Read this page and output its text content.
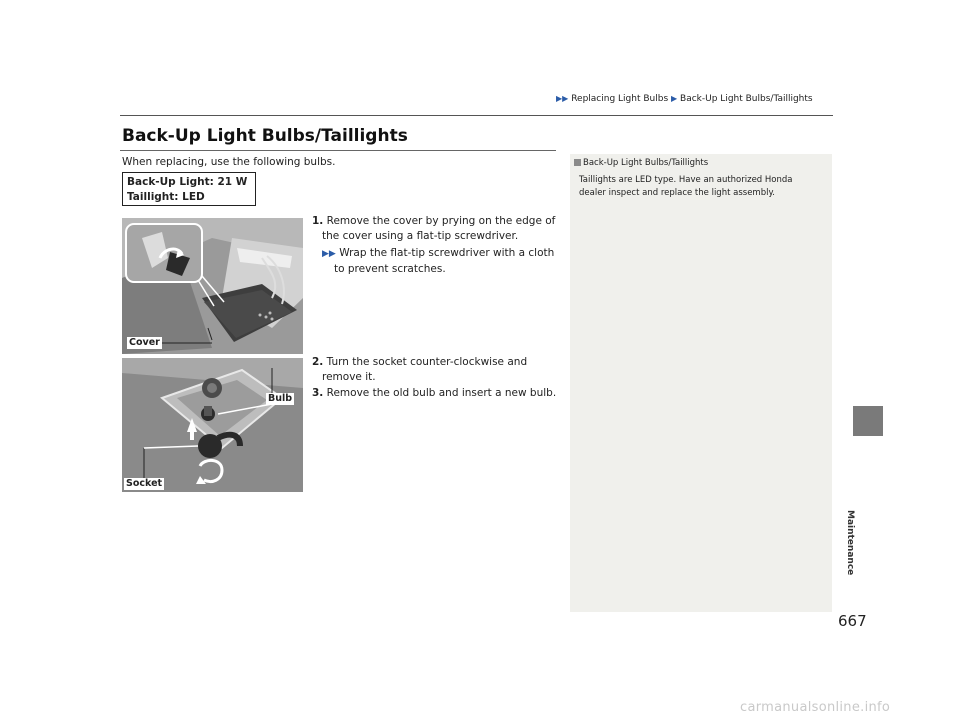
▶▶ Replacing Light Bulbs ▶ Back-Up Light Bulbs/Taillights
Back-Up Light Bulbs/Taillights
When replacing, use the following bulbs.
Back-Up Light: 21 W
Taillight: LED
Cover
1. Remove the cover by prying on the edge of
the cover using a flat-tip screwdriver.
▶▶ Wrap the flat-tip screwdriver with a cloth
to prevent scratches.
Bulb
Socket
2. Turn the socket counter-clockwise and
remove it.
3. Remove the old bulb and insert a new bulb.
Back-Up Light Bulbs/Taillights
Taillights are LED type. Have an authorized Honda
dealer inspect and replace the light assembly.
Maintenance
667
carmanualsonline.info
